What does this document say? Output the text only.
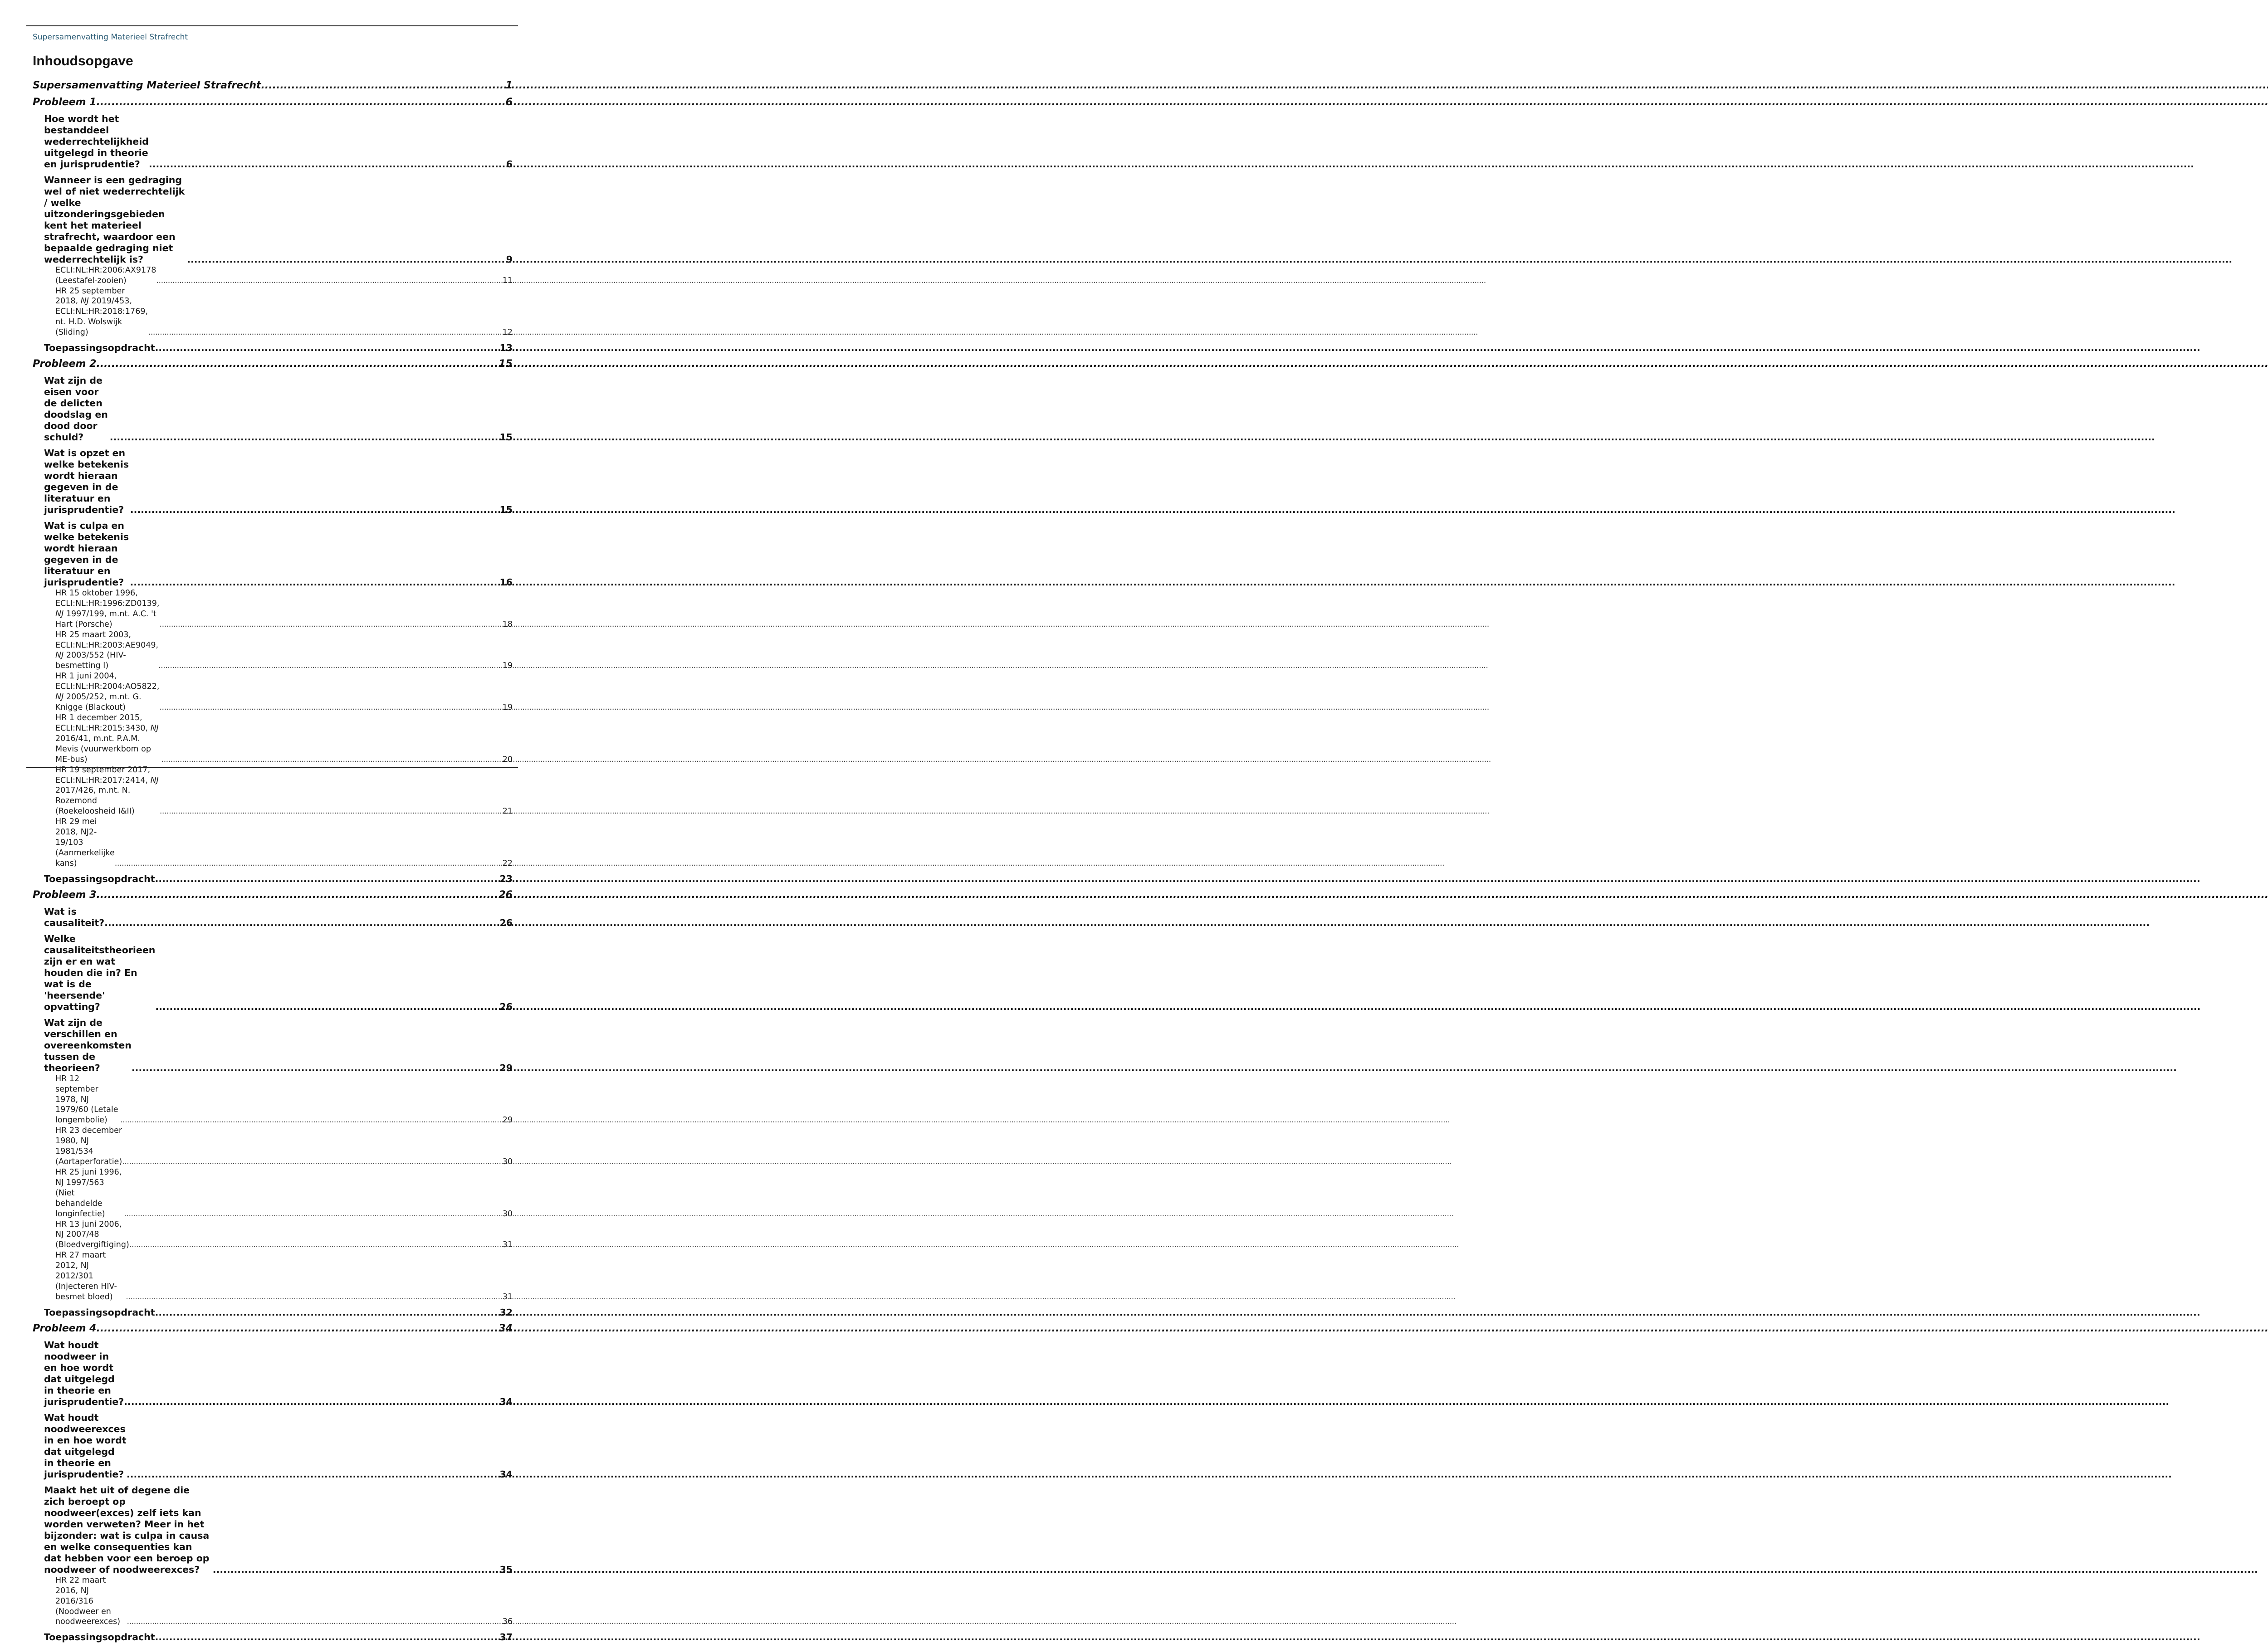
Supersamenvatting Materieel Strafrecht
Inhoudsopgave
Supersamenvatting Materieel Strafrecht .....	1
Probleem 1 .....	6
Hoe wordt het bestanddeel wederrechtelijkheid uitgelegd in theorie en jurisprudentie? .....	6
Wanneer is een gedraging wel of niet wederrechtelijk / welke uitzonderingsgebieden kent het materieel strafrecht, waardoor een bepaalde gedraging niet wederrechtelijk is? .....	9
ECLI:NL:HR:2006:AX9178 (Leestafel-zooien) .....	11
HR 25 september 2018, NJ 2019/453, ECLI:NL:HR:2018:1769, nt. H.D. Wolswijk (Sliding) .....	12
Toepassingsopdracht .....	13
Probleem 2 .....	15
Wat zijn de eisen voor de delicten doodslag en dood door schuld? .....	15
Wat is opzet en welke betekenis wordt hieraan gegeven in de literatuur en jurisprudentie? .....	15
Wat is culpa en welke betekenis wordt hieraan gegeven in de literatuur en jurisprudentie? .....	16
HR 15 oktober 1996, ECLI:NL:HR:1996:ZD0139, NJ 1997/199, m.nt. A.C. 't Hart (Porsche) .....	18
HR 25 maart 2003, ECLI:NL:HR:2003:AE9049, NJ 2003/552 (HIV-besmetting I) .....	19
HR 1 juni 2004, ECLI:NL:HR:2004:AO5822, NJ 2005/252, m.nt. G. Knigge (Blackout) .....	19
HR 1 december 2015, ECLI:NL:HR:2015:3430, NJ 2016/41, m.nt. P.A.M. Mevis (vuurwerkbom op ME-bus) .....	20
HR 19 september 2017, ECLI:NL:HR:2017:2414, NJ 2017/426, m.nt. N. Rozemond (Roekeloosheid I&II) .....	21
HR 29 mei 2018, NJ2-19/103 (Aanmerkelijke kans) .....	22
Toepassingsopdracht .....	23
Probleem 3 .....	26
Wat is causaliteit? .....	26
Welke causaliteitstheorieen zijn er en wat houden die in? En wat is de 'heersende' opvatting? .....	26
Wat zijn de verschillen en overeenkomsten tussen de theorieen? .....	29
HR 12 september 1978, NJ 1979/60 (Letale longembolie) .....	29
HR 23 december 1980, NJ 1981/534 (Aortaperforatie) .....	30
HR 25 juni 1996, NJ 1997/563 (Niet behandelde longinfectie) .....	30
HR 13 juni 2006, NJ 2007/48 (Bloedvergiftiging) .....	31
HR 27 maart 2012, NJ 2012/301 (Injecteren HIV-besmet bloed) .....	31
Toepassingsopdracht .....	32
Probleem 4 .....	34
Wat houdt noodweer in en hoe wordt dat uitgelegd in theorie en jurisprudentie? .....	34
Wat houdt noodweerexces in en hoe wordt dat uitgelegd in theorie en jurisprudentie? .....	34
Maakt het uit of degene die zich beroept op noodweer(exces) zelf iets kan worden verweten? Meer in het bijzonder: wat is culpa in causa en welke consequenties kan dat hebben voor een beroep op noodweer of noodweerexces? .....	35
HR 22 maart 2016, NJ 2016/316 (Noodweer en noodweerexces) .....	36
Toepassingsopdracht .....	37
